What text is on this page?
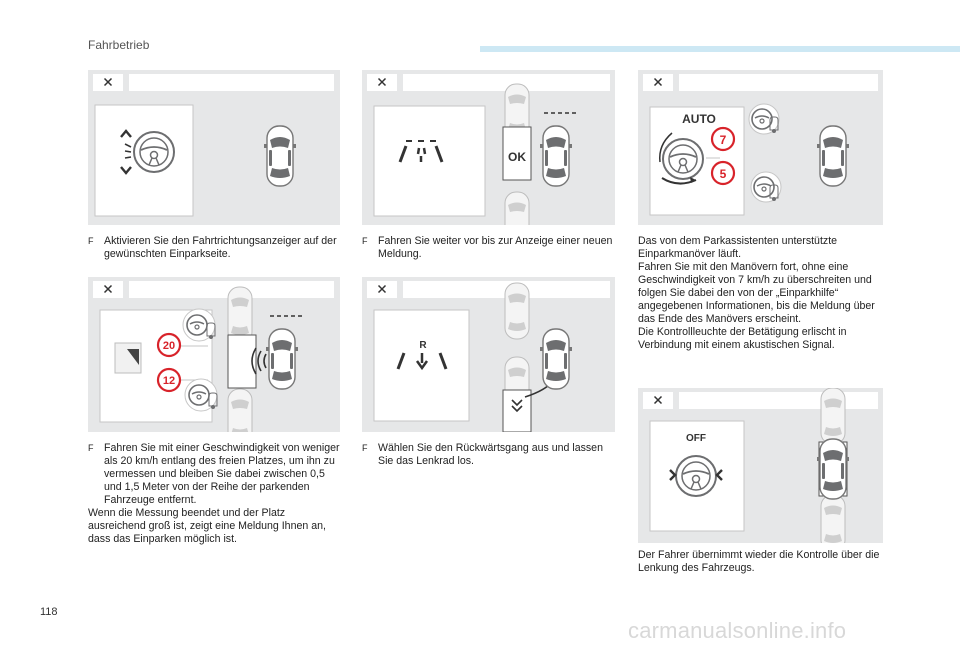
Fahrbetrieb
OK
AUTO
7
5
F Aktivieren Sie den Fahrtrichtungsanzeiger auf der gewünschten Einparkseite.
F Fahren Sie weiter vor bis zur Anzeige einer neuen Meldung.
Das von dem Parkassistenten unterstützte Einparkmanöver läuft.
Fahren Sie mit den Manövern fort, ohne eine Geschwindigkeit von 7 km/h zu überschreiten und folgen Sie dabei den von der „Einparkhilfe“ angegebenen Informationen, bis die Meldung über das Ende des Manövers erscheint.
Die Kontrollleuchte der Betätigung erlischt in Verbindung mit einem akustischen Signal.
20
12
R
F Fahren Sie mit einer Geschwindigkeit von weniger als 20 km/h entlang des freien Platzes, um ihn zu vermessen und bleiben Sie dabei zwischen 0,5 und 1,5 Meter von der Reihe der parkenden Fahrzeuge entfernt.
Wenn die Messung beendet und der Platz ausreichend groß ist, zeigt eine Meldung Ihnen an, dass das Einparken möglich ist.
F Wählen Sie den Rückwärtsgang aus und lassen Sie das Lenkrad los.
OFF
Der Fahrer übernimmt wieder die Kontrolle über die Lenkung des Fahrzeugs.
118
carmanualsonline.info
